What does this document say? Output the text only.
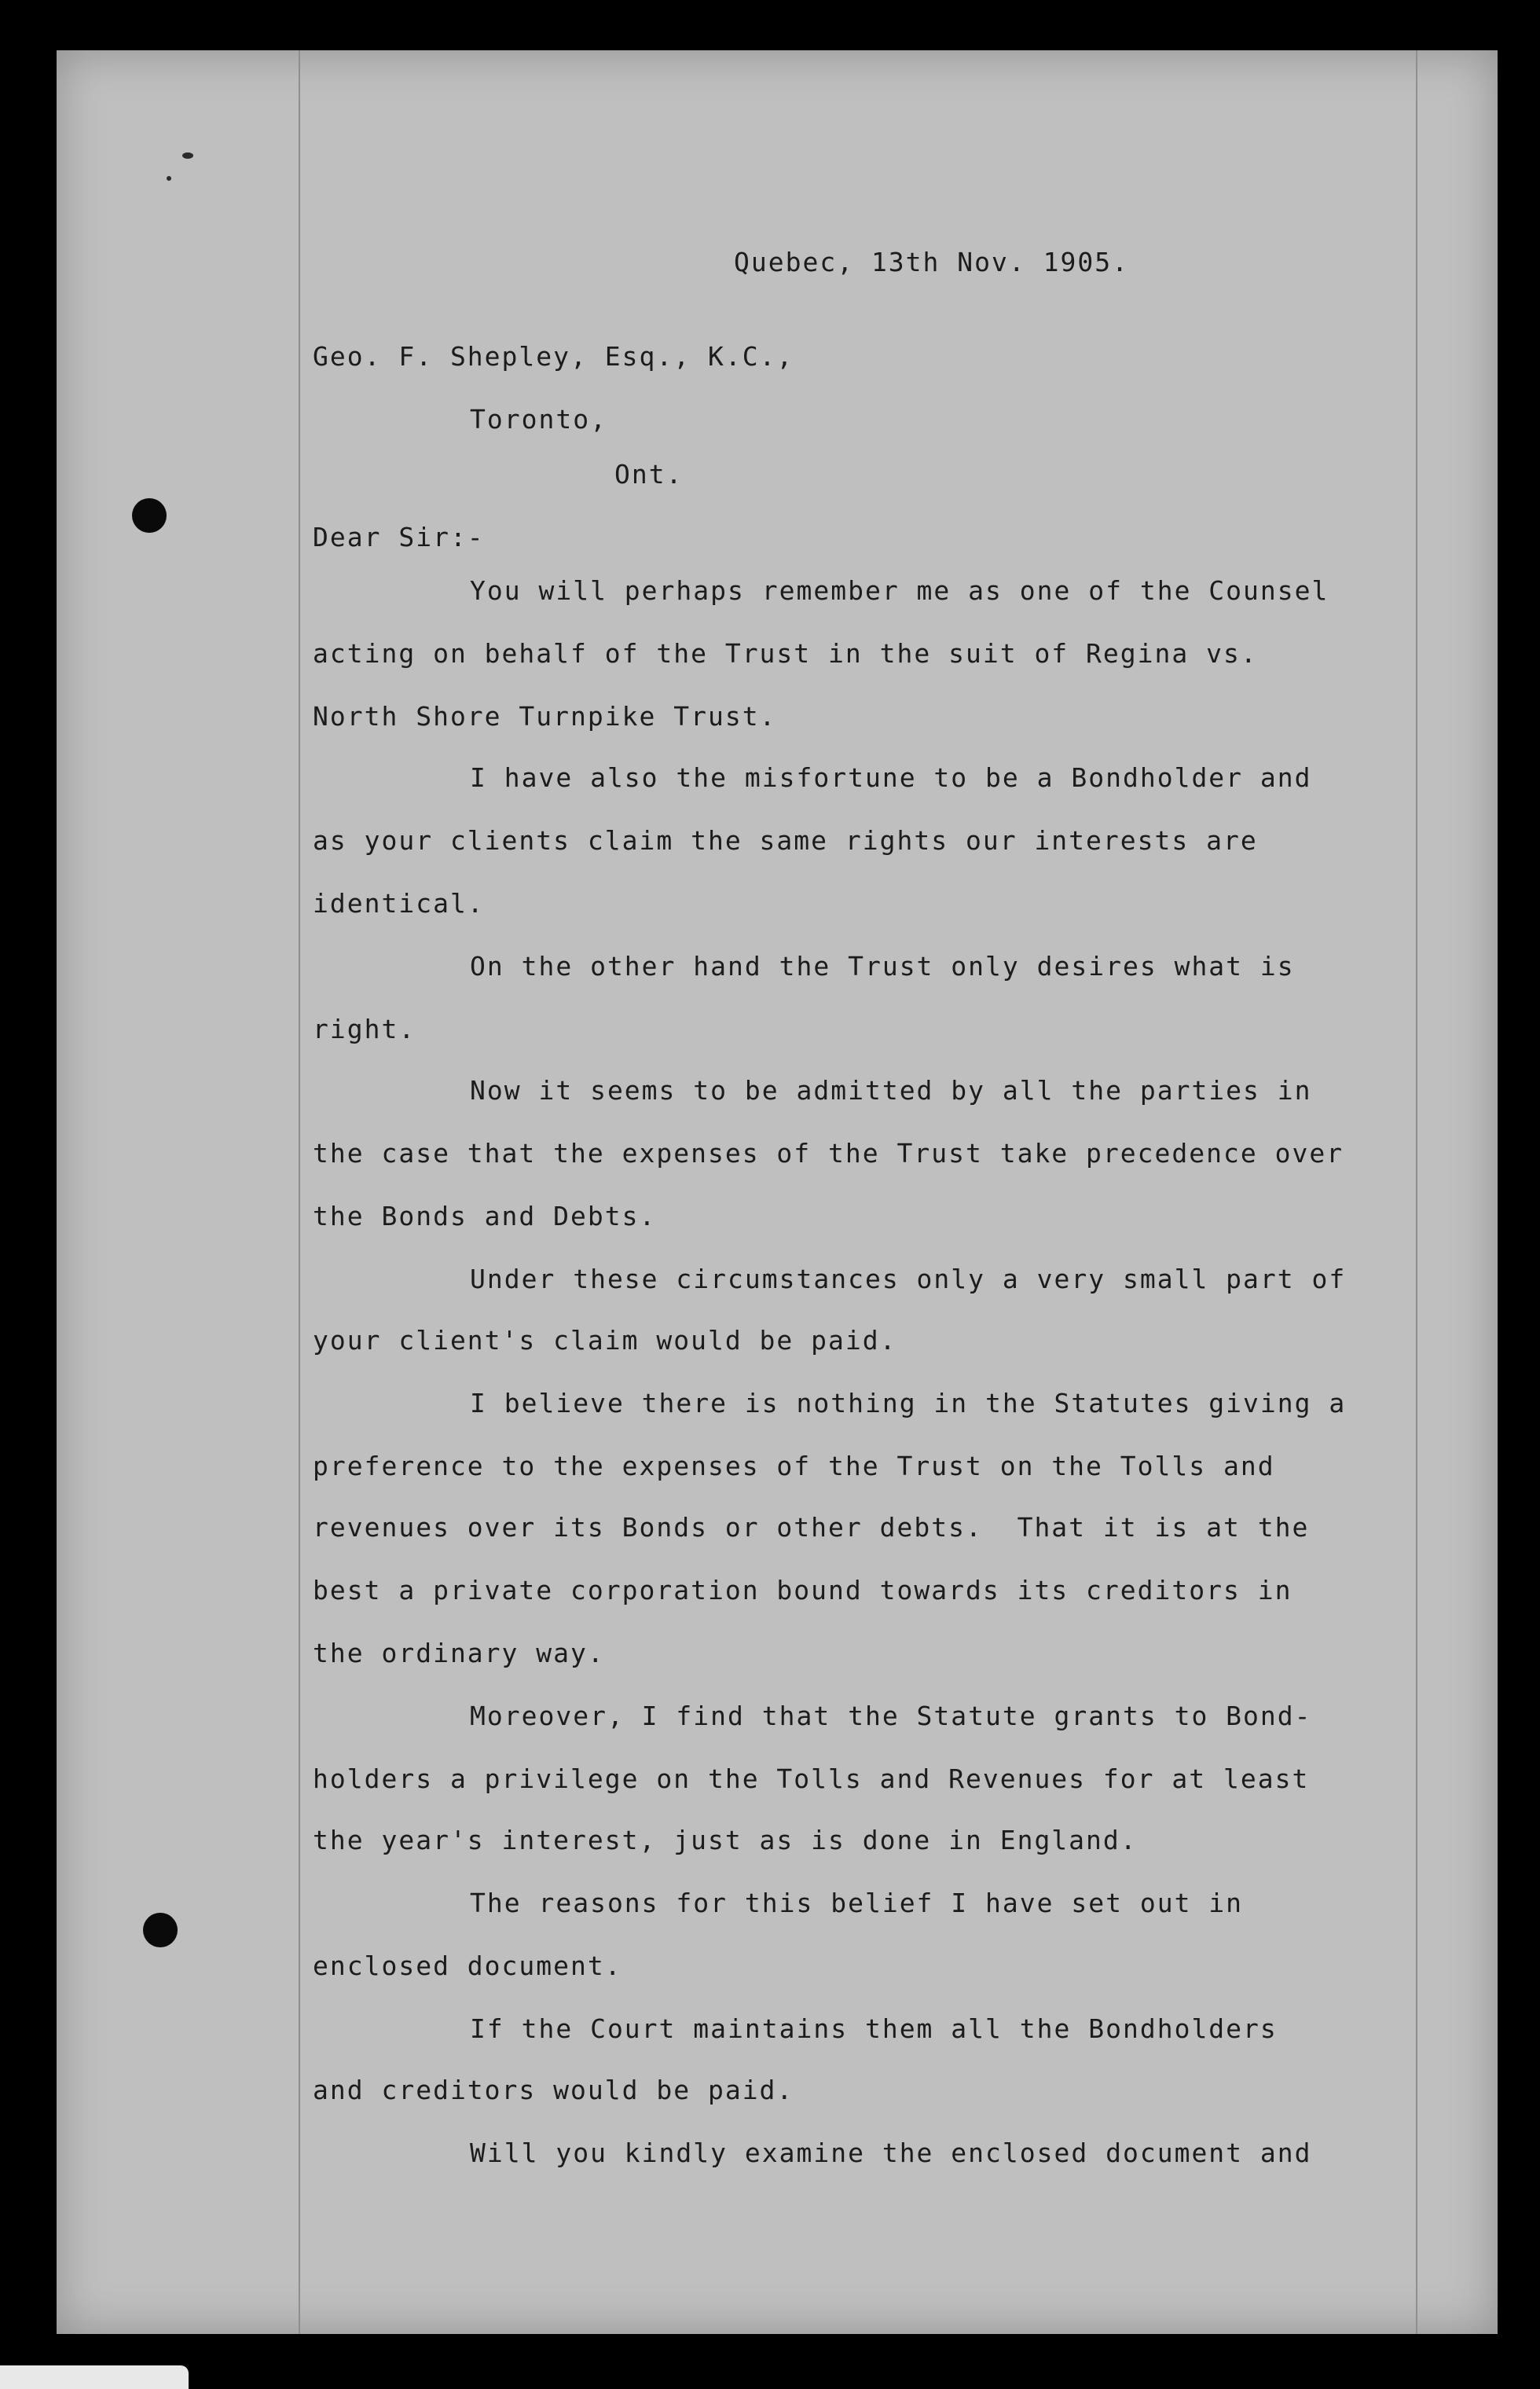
Quebec, 13th Nov. 1905.
Geo. F. Shepley, Esq., K.C.,
Toronto,
Ont.
Dear Sir:-
You will perhaps remember me as one of the Counsel
acting on behalf of the Trust in the suit of Regina vs.
North Shore Turnpike Trust.
I have also the misfortune to be a Bondholder and
as your clients claim the same rights our interests are
identical.
On the other hand the Trust only desires what is
right.
Now it seems to be admitted by all the parties in
the case that the expenses of the Trust take precedence over
the Bonds and Debts.
Under these circumstances only a very small part of
your client's claim would be paid.
I believe there is nothing in the Statutes giving a
preference to the expenses of the Trust on the Tolls and
revenues over its Bonds or other debts.  That it is at the
best a private corporation bound towards its creditors in
the ordinary way.
Moreover, I find that the Statute grants to Bond-
holders a privilege on the Tolls and Revenues for at least
the year's interest, just as is done in England.
The reasons for this belief I have set out in
enclosed document.
If the Court maintains them all the Bondholders
and creditors would be paid.
Will you kindly examine the enclosed document and
